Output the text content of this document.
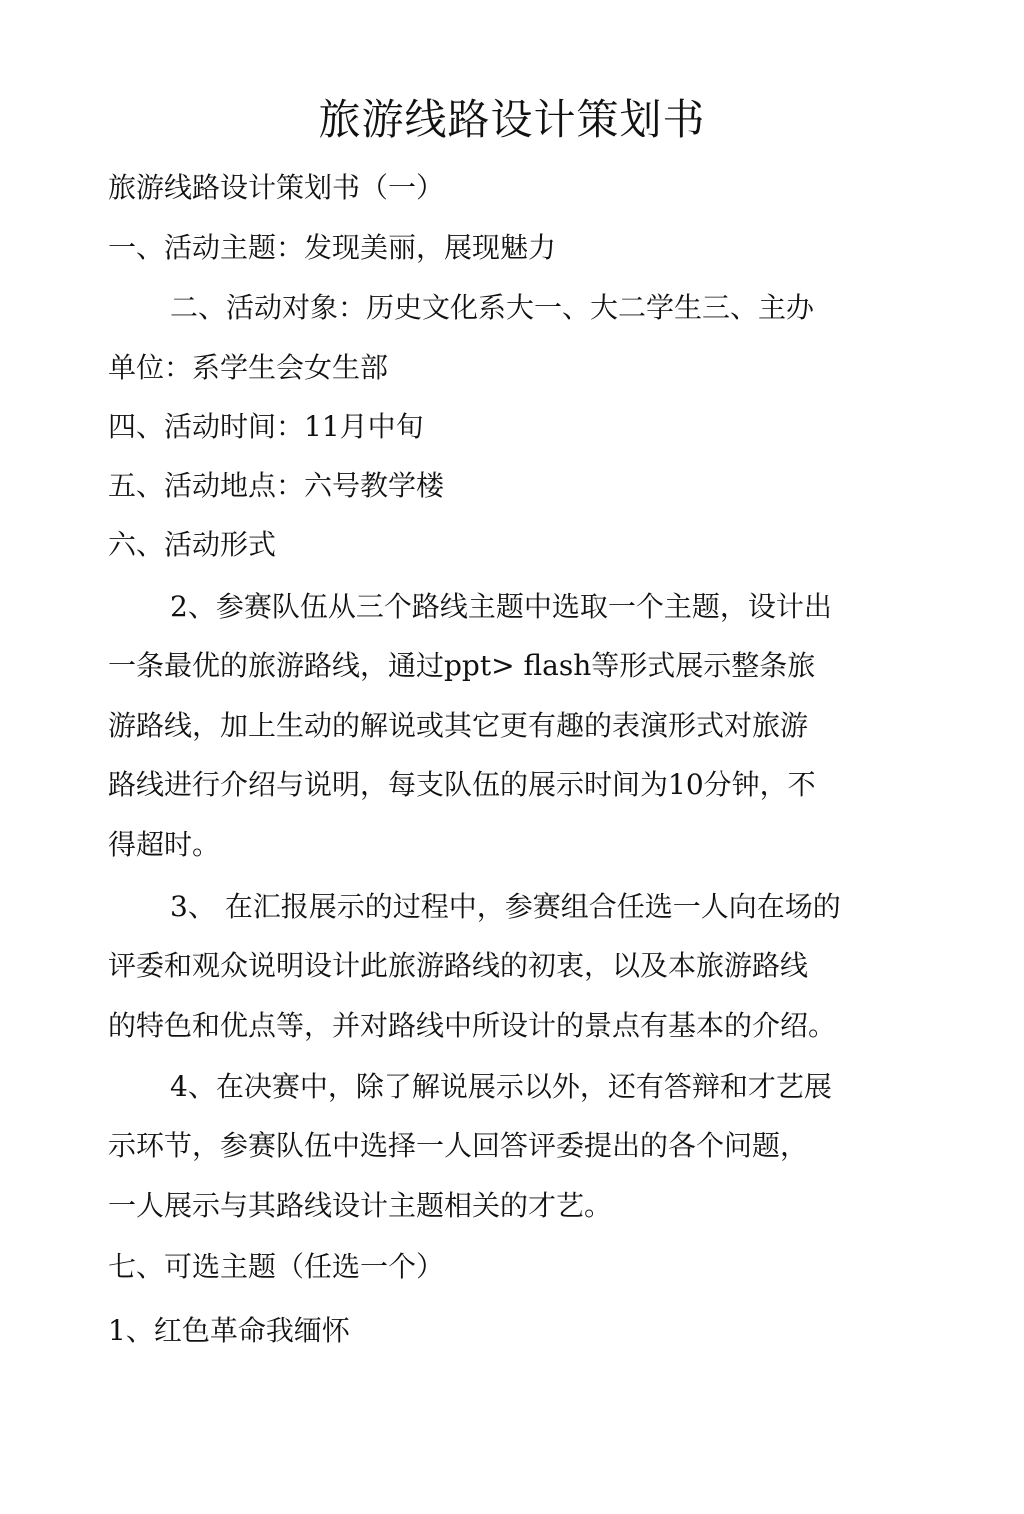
旅游线路设计策划书
旅游线路设计策划书（一）
一、活动主题：发现美丽，展现魅力
二、活动对象：历史文化系大一、大二学生三、主办
单位：系学生会女生部
四、活动时间：11月中旬
五、活动地点：六号教学楼
六、活动形式
2、参赛队伍从三个路线主题中选取一个主题，设计出
一条最优的旅游路线，通过ppt> flash等形式展示整条旅
游路线，加上生动的解说或其它更有趣的表演形式对旅游
路线进行介绍与说明，每支队伍的展示时间为10分钟，不
得超时。
3、 在汇报展示的过程中，参赛组合任选一人向在场的
评委和观众说明设计此旅游路线的初衷，以及本旅游路线
的特色和优点等，并对路线中所设计的景点有基本的介绍。
4、在决赛中，除了解说展示以外，还有答辩和才艺展
示环节，参赛队伍中选择一人回答评委提出的各个问题，
一人展示与其路线设计主题相关的才艺。
七、可选主题（任选一个）
1、红色革命我缅怀
